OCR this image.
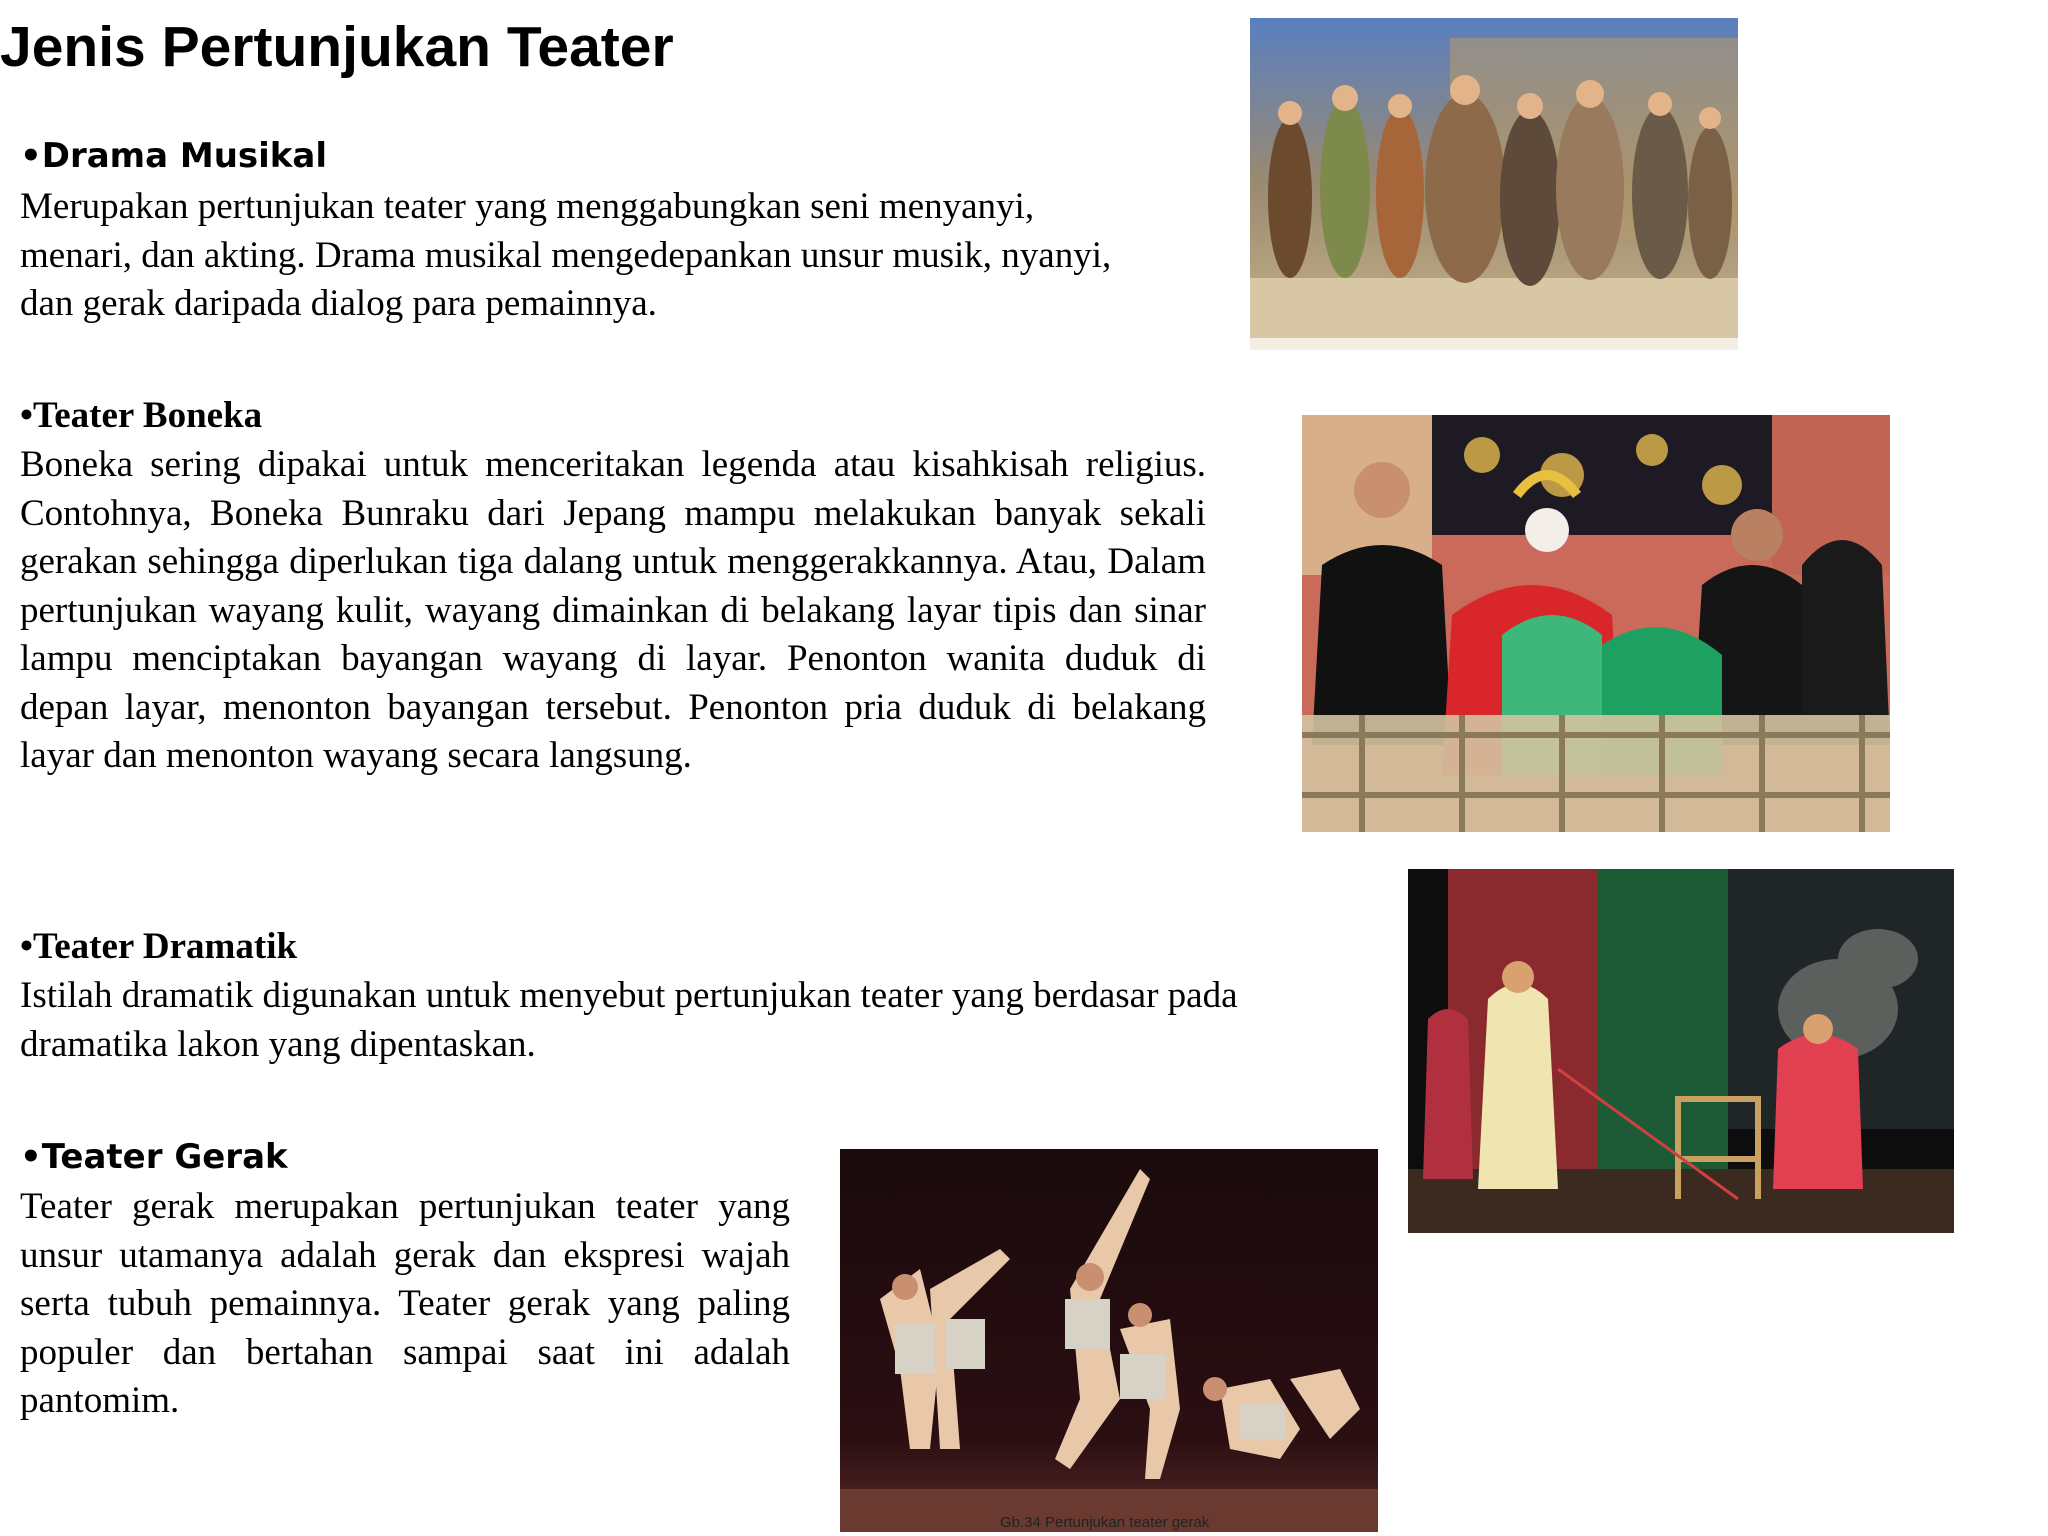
Jenis Pertunjukan Teater
•Drama Musikal

Merupakan pertunjukan teater yang menggabungkan seni menyanyi, menari, dan akting. Drama musikal mengedepankan unsur musik, nyanyi, dan gerak daripada dialog para pemainnya.

•Teater Boneka

Boneka sering dipakai untuk menceritakan legenda atau kisahkisah religius. Contohnya, Boneka Bunraku dari Jepang mampu melakukan banyak sekali gerakan sehingga diperlukan tiga dalang untuk menggerakkannya. Atau, Dalam pertunjukan wayang kulit, wayang dimainkan di belakang layar tipis dan sinar lampu menciptakan bayangan wayang di layar. Penonton wanita duduk di depan layar, menonton bayangan tersebut. Penonton pria duduk di belakang layar dan menonton wayang secara langsung.

•Teater Dramatik

Istilah dramatik digunakan untuk menyebut pertunjukan teater yang berdasar pada dramatika lakon yang dipentaskan.

•Teater Gerak

Teater gerak merupakan pertunjukan teater yang unsur utamanya adalah gerak dan ekspresi wajah serta tubuh pemainnya. Teater gerak yang paling populer dan bertahan sampai saat ini adalah pantomim.

Gb.34 Pertunjukan teater gerak
